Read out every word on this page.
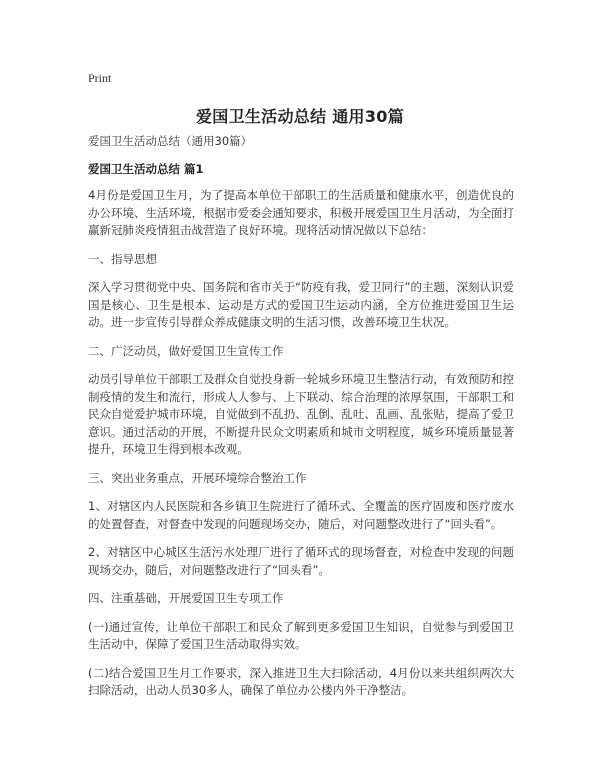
Print
爱国卫生活动总结 通用30篇

爱国卫生活动总结（通用30篇）

爱国卫生活动总结 篇1

4月份是爱国卫生月，为了提高本单位干部职工的生活质量和健康水平，创造优良的办公环境、生活环境，根据市爱委会通知要求，积极开展爱国卫生月活动，为全面打赢新冠肺炎疫情狙击战营造了良好环境。现将活动情况做以下总结：

一、指导思想

深入学习贯彻党中央、国务院和省市关于“防疫有我，爱卫同行”的主题，深刻认识爱国是核心、卫生是根本、运动是方式的爱国卫生运动内涵，全方位推进爱国卫生运动。进一步宣传引导群众养成健康文明的生活习惯，改善环境卫生状况。

二、广泛动员，做好爱国卫生宣传工作

动员引导单位干部职工及群众自觉投身新一轮城乡环境卫生整洁行动，有效预防和控制疫情的发生和流行，形成人人参与、上下联动、综合治理的浓厚氛围，干部职工和民众自觉爱护城市环境，自觉做到不乱扔、乱倒、乱吐、乱画、乱张贴，提高了爱卫意识。通过活动的开展，不断提升民众文明素质和城市文明程度，城乡环境质量显著提升，环境卫生得到根本改观。

三、突出业务重点，开展环境综合整治工作

1、对辖区内人民医院和各乡镇卫生院进行了循环式、全覆盖的医疗固废和医疗废水的处置督查，对督查中发现的问题现场交办，随后，对问题整改进行了“回头看”。

2、对辖区中心城区生活污水处理厂进行了循环式的现场督查，对检查中发现的问题现场交办，随后，对问题整改进行了“回头看”。

四、注重基础，开展爱国卫生专项工作

(一)通过宣传，让单位干部职工和民众了解到更多爱国卫生知识，自觉参与到爱国卫生活动中，保障了爱国卫生活动取得实效。

(二)结合爱国卫生月工作要求，深入推进卫生大扫除活动，4月份以来共组织两次大扫除活动，出动人员30多人，确保了单位办公楼内外干净整洁。
